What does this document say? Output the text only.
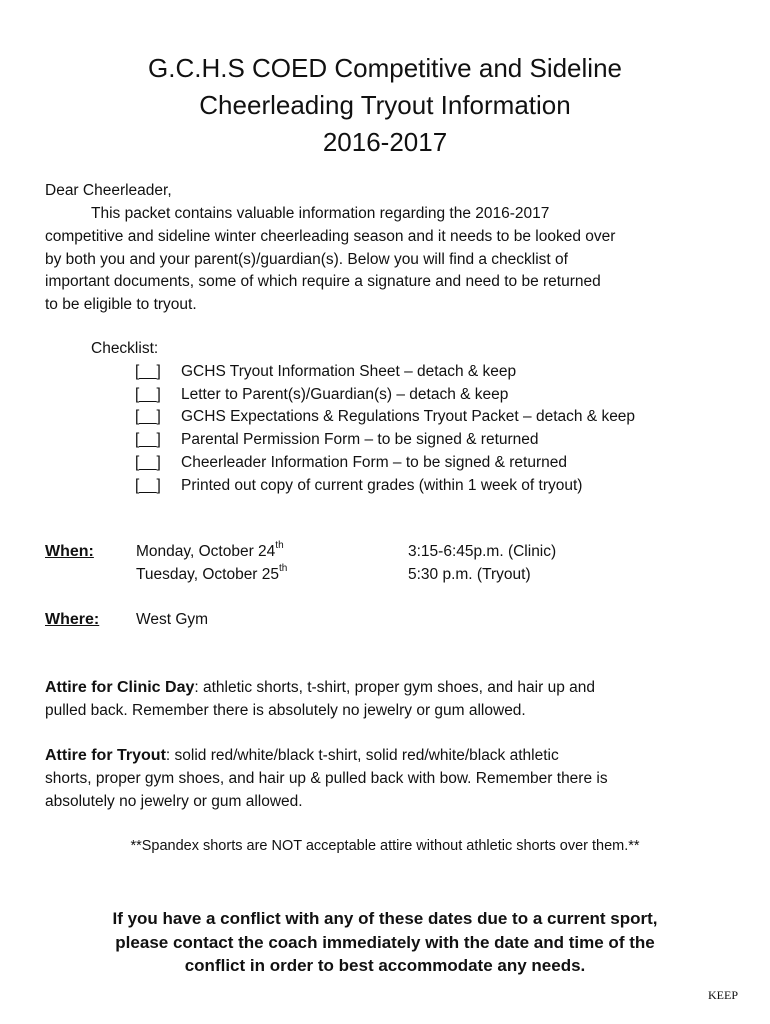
G.C.H.S COED Competitive and Sideline
Cheerleading Tryout Information
2016-2017
Dear Cheerleader,
This packet contains valuable information regarding the 2016-2017
competitive and sideline winter cheerleading season and it needs to be looked over
by both you and your parent(s)/guardian(s). Below you will find a checklist of
important documents, some of which require a signature and need to be returned
to be eligible to tryout.
Checklist:
[__]	GCHS Tryout Information Sheet – detach & keep
[__]	Letter to Parent(s)/Guardian(s) – detach & keep
[__]	GCHS Expectations & Regulations Tryout Packet – detach & keep
[__]	Parental Permission Form – to be signed & returned
[__]	Cheerleader Information Form – to be signed & returned
[__]	Printed out copy of current grades (within 1 week of tryout)
When:	Monday, October 24th	3:15-6:45p.m. (Clinic)
Tuesday, October 25th	5:30 p.m. (Tryout)
Where: West Gym
Attire for Clinic Day: athletic shorts, t-shirt, proper gym shoes, and hair up and
pulled back. Remember there is absolutely no jewelry or gum allowed.
Attire for Tryout: solid red/white/black t-shirt, solid red/white/black athletic
shorts, proper gym shoes, and hair up & pulled back with bow. Remember there is
absolutely no jewelry or gum allowed.
**Spandex shorts are NOT acceptable attire without athletic shorts over them.**
If you have a conflict with any of these dates due to a current sport,
please contact the coach immediately with the date and time of the
conflict in order to best accommodate any needs.
KEEP
